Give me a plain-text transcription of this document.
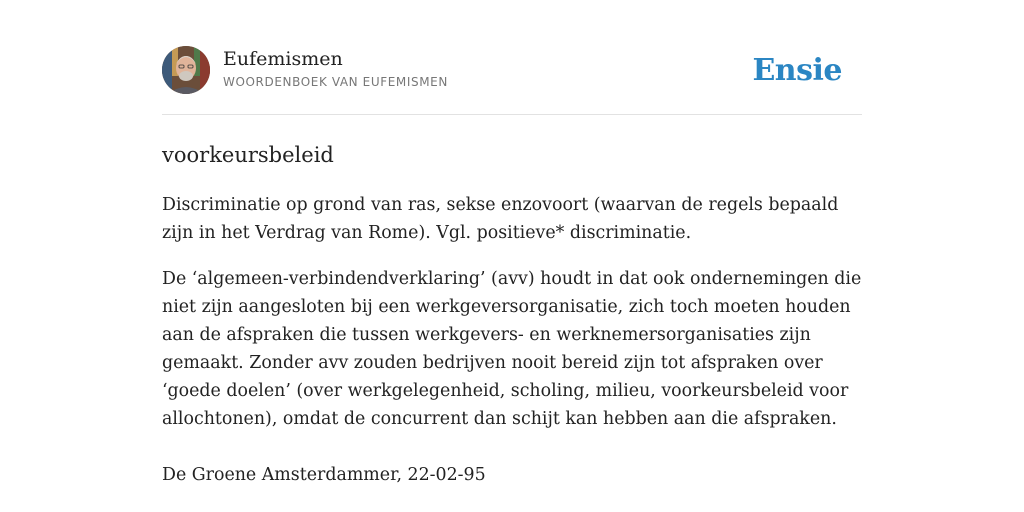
Eufemismen
WOORDENBOEK VAN EUFEMISMEN	Ensie
voorkeursbeleid
Discriminatie op grond van ras, sekse enzovoort (waarvan de regels bepaald zijn in het Verdrag van Rome). Vgl. positieve* discriminatie.
De ‘algemeen-verbindendverklaring’ (avv) houdt in dat ook ondernemingen die niet zijn aangesloten bij een werkgeversorganisatie, zich toch moeten houden aan de afspraken die tussen werkgevers- en werknemersorganisaties zijn gemaakt. Zonder avv zouden bedrijven nooit bereid zijn tot afspraken over ‘goede doelen’ (over werkgelegenheid, scholing, milieu, voorkeursbeleid voor allochtonen), omdat de concurrent dan schijt kan hebben aan die afspraken.
De Groene Amsterdammer, 22-02-95
